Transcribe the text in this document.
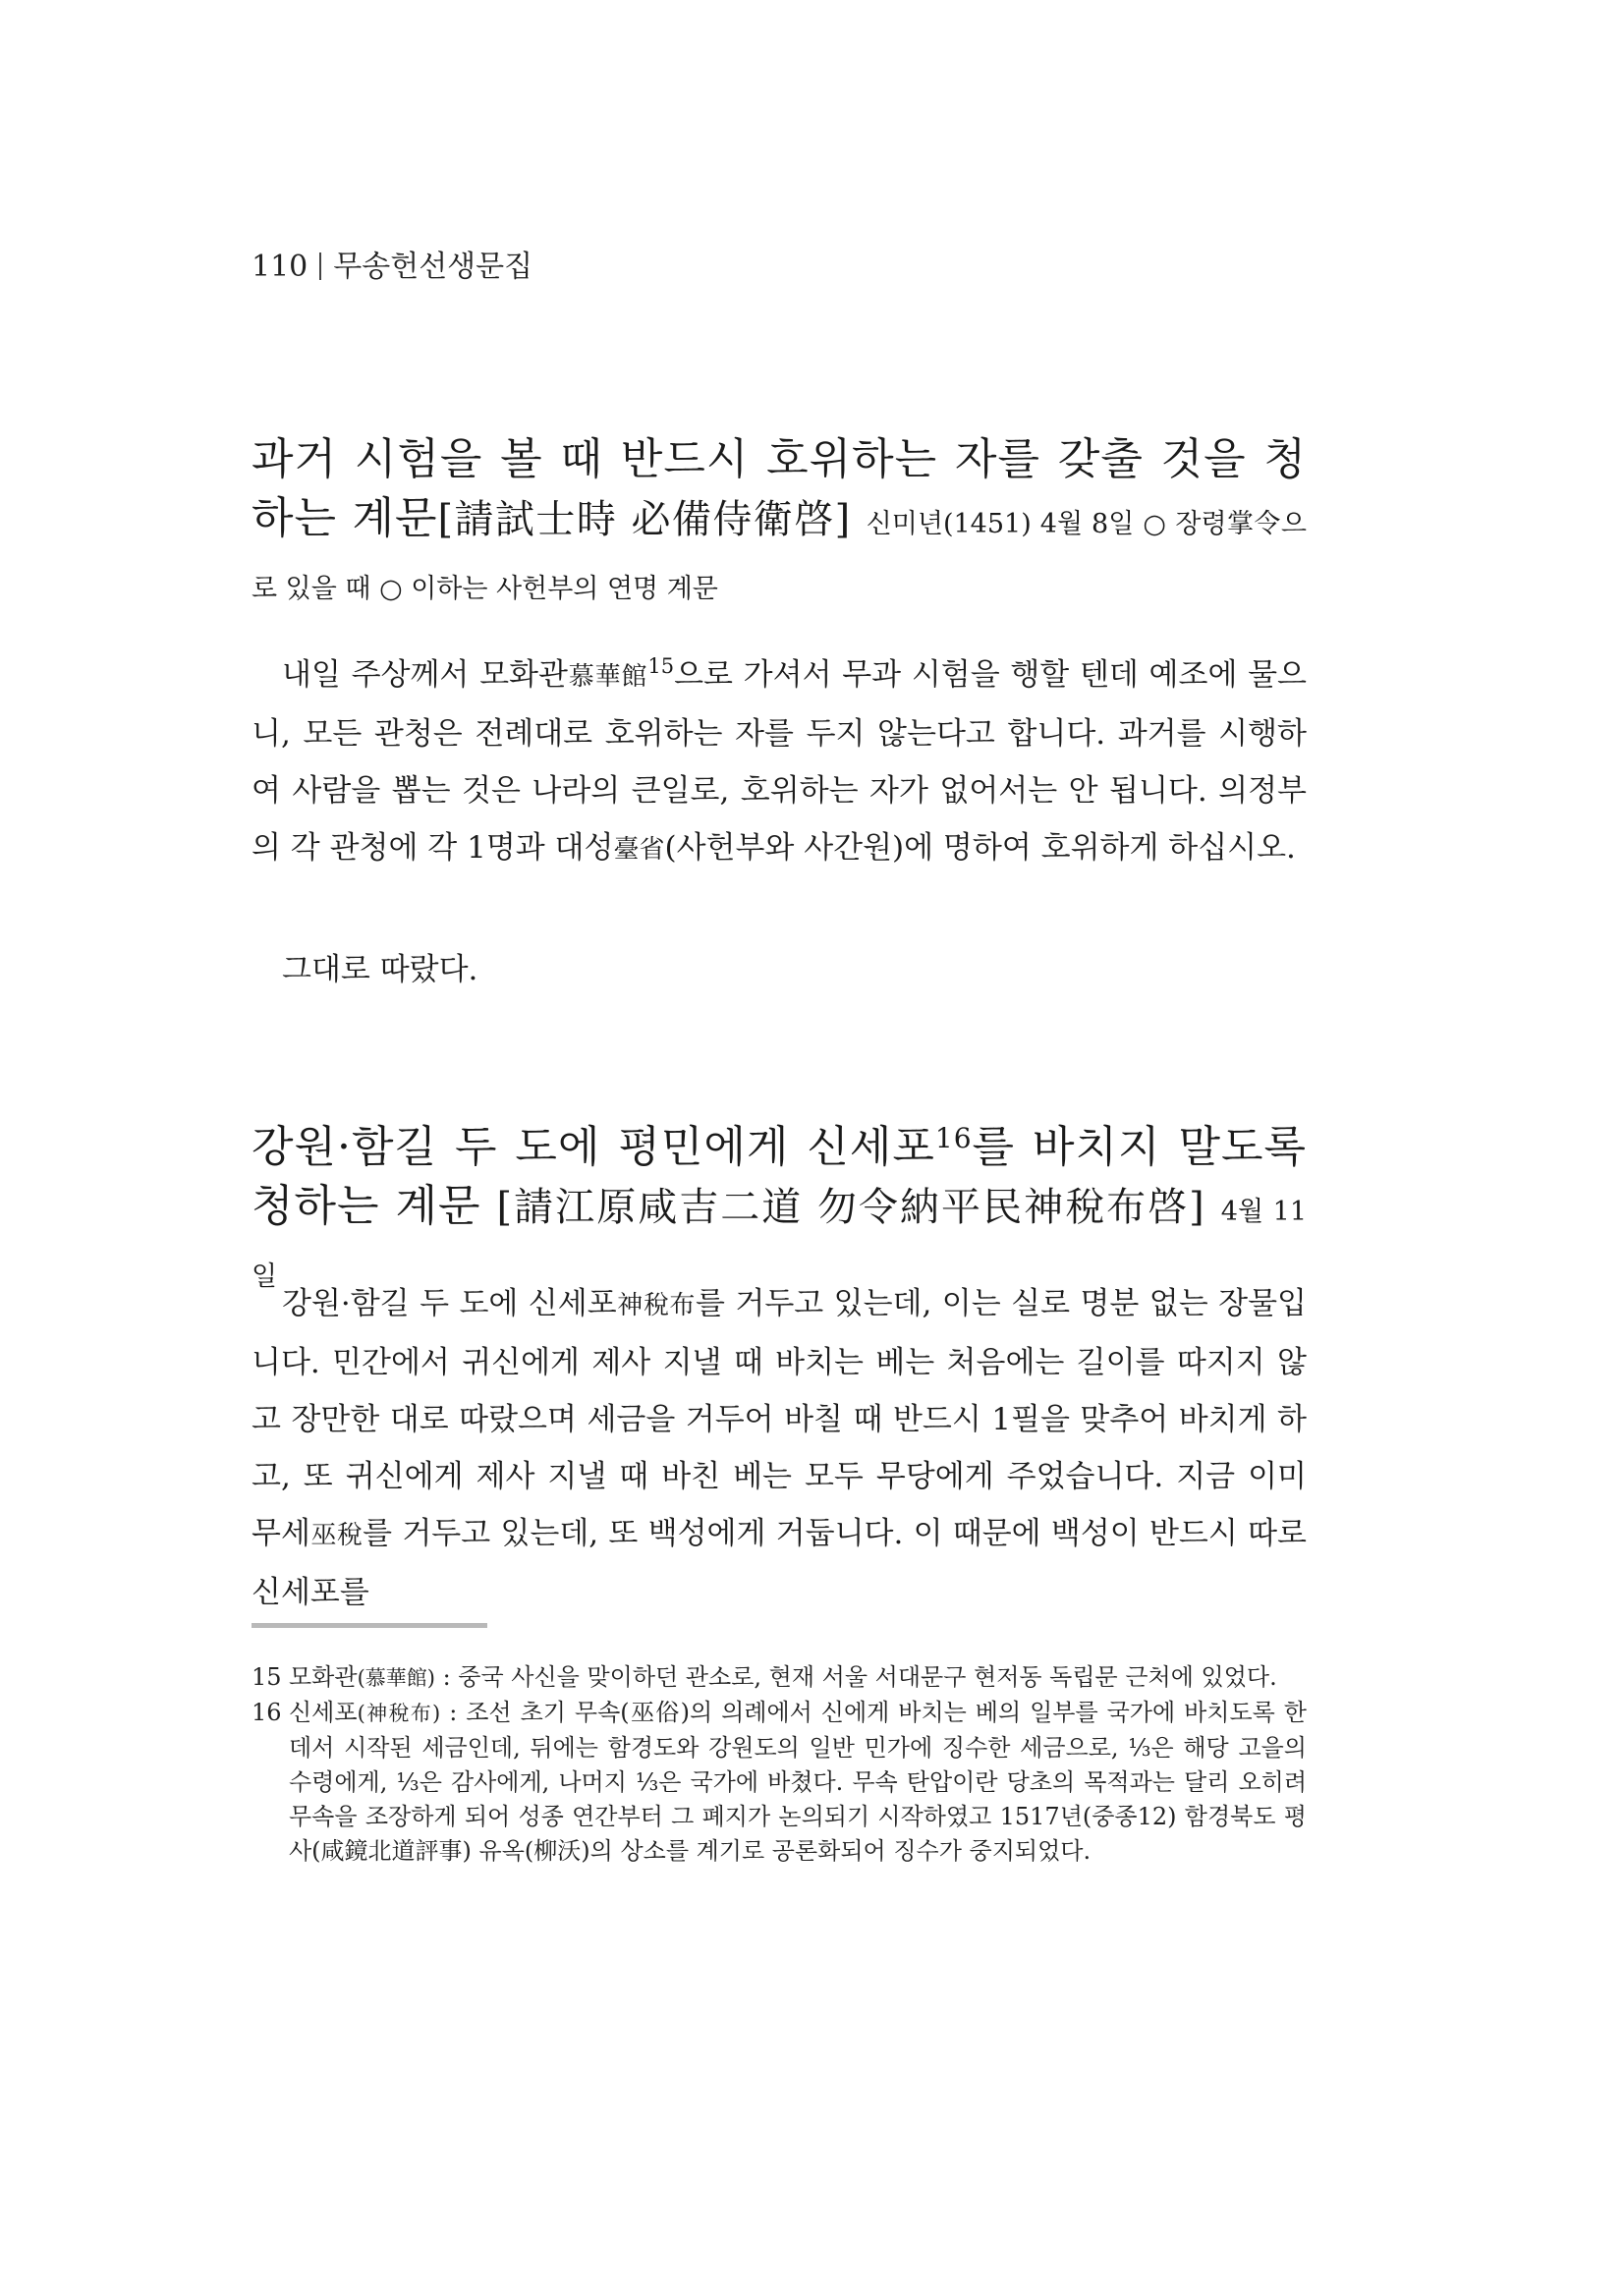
110 무송헌선생문집
과거 시험을 볼 때 반드시 호위하는 자를 갖출 것을 청하는 계문[請試士時 必備侍衛啓] 신미년(1451) 4월 8일 ○ 장령掌令으로 있을 때 ○ 이하는 사헌부의 연명 계문

내일 주상께서 모화관慕華館$^{15}$으로 가셔서 무과 시험을 행할 텐데 예조에 물으니, 모든 관청은 전례대로 호위하는 자를 두지 않는다고 합니다. 과거를 시행하여 사람을 뽑는 것은 나라의 큰일로, 호위하는 자가 없어서는 안 됩니다. 의정부의 각 관청에 각 1명과 대성臺省(사헌부와 사간원)에 명하여 호위하게 하십시오.

그대로 따랐다.

강원·함길 두 도에 평민에게 신세포$^{16}$를 바치지 말도록 청하는 계문 [請江原咸吉二道 勿令納平民神稅布啓] 4월 11일

강원·함길 두 도에 신세포神稅布를 거두고 있는데, 이는 실로 명분 없는 장물입니다. 민간에서 귀신에게 제사 지낼 때 바치는 베는 처음에는 길이를 따지지 않고 장만한 대로 따랐으며 세금을 거두어 바칠 때 반드시 1필을 맞추어 바치게 하고, 또 귀신에게 제사 지낼 때 바친 베는 모두 무당에게 주었습니다. 지금 이미 무세巫稅를 거두고 있는데, 또 백성에게 거둡니다. 이 때문에 백성이 반드시 따로 신세포를

15 모화관(慕華館) : 중국 사신을 맞이하던 관소로, 현재 서울 서대문구 현저동 독립문 근처에 있었다.

16 신세포(神稅布) : 조선 초기 무속(巫俗)의 의례에서 신에게 바치는 베의 일부를 국가에 바치도록 한 데서 시작된 세금인데, 뒤에는 함경도와 강원도의 일반 민가에 징수한 세금으로, ⅓은 해당 고을의 수령에게, ⅓은 감사에게, 나머지 ⅓은 국가에 바쳤다. 무속 탄압이란 당초의 목적과는 달리 오히려 무속을 조장하게 되어 성종 연간부터 그 폐지가 논의되기 시작하였고 1517년(중종12) 함경북도 평사(咸鏡北道評事) 유옥(柳沃)의 상소를 계기로 공론화되어 징수가 중지되었다.
